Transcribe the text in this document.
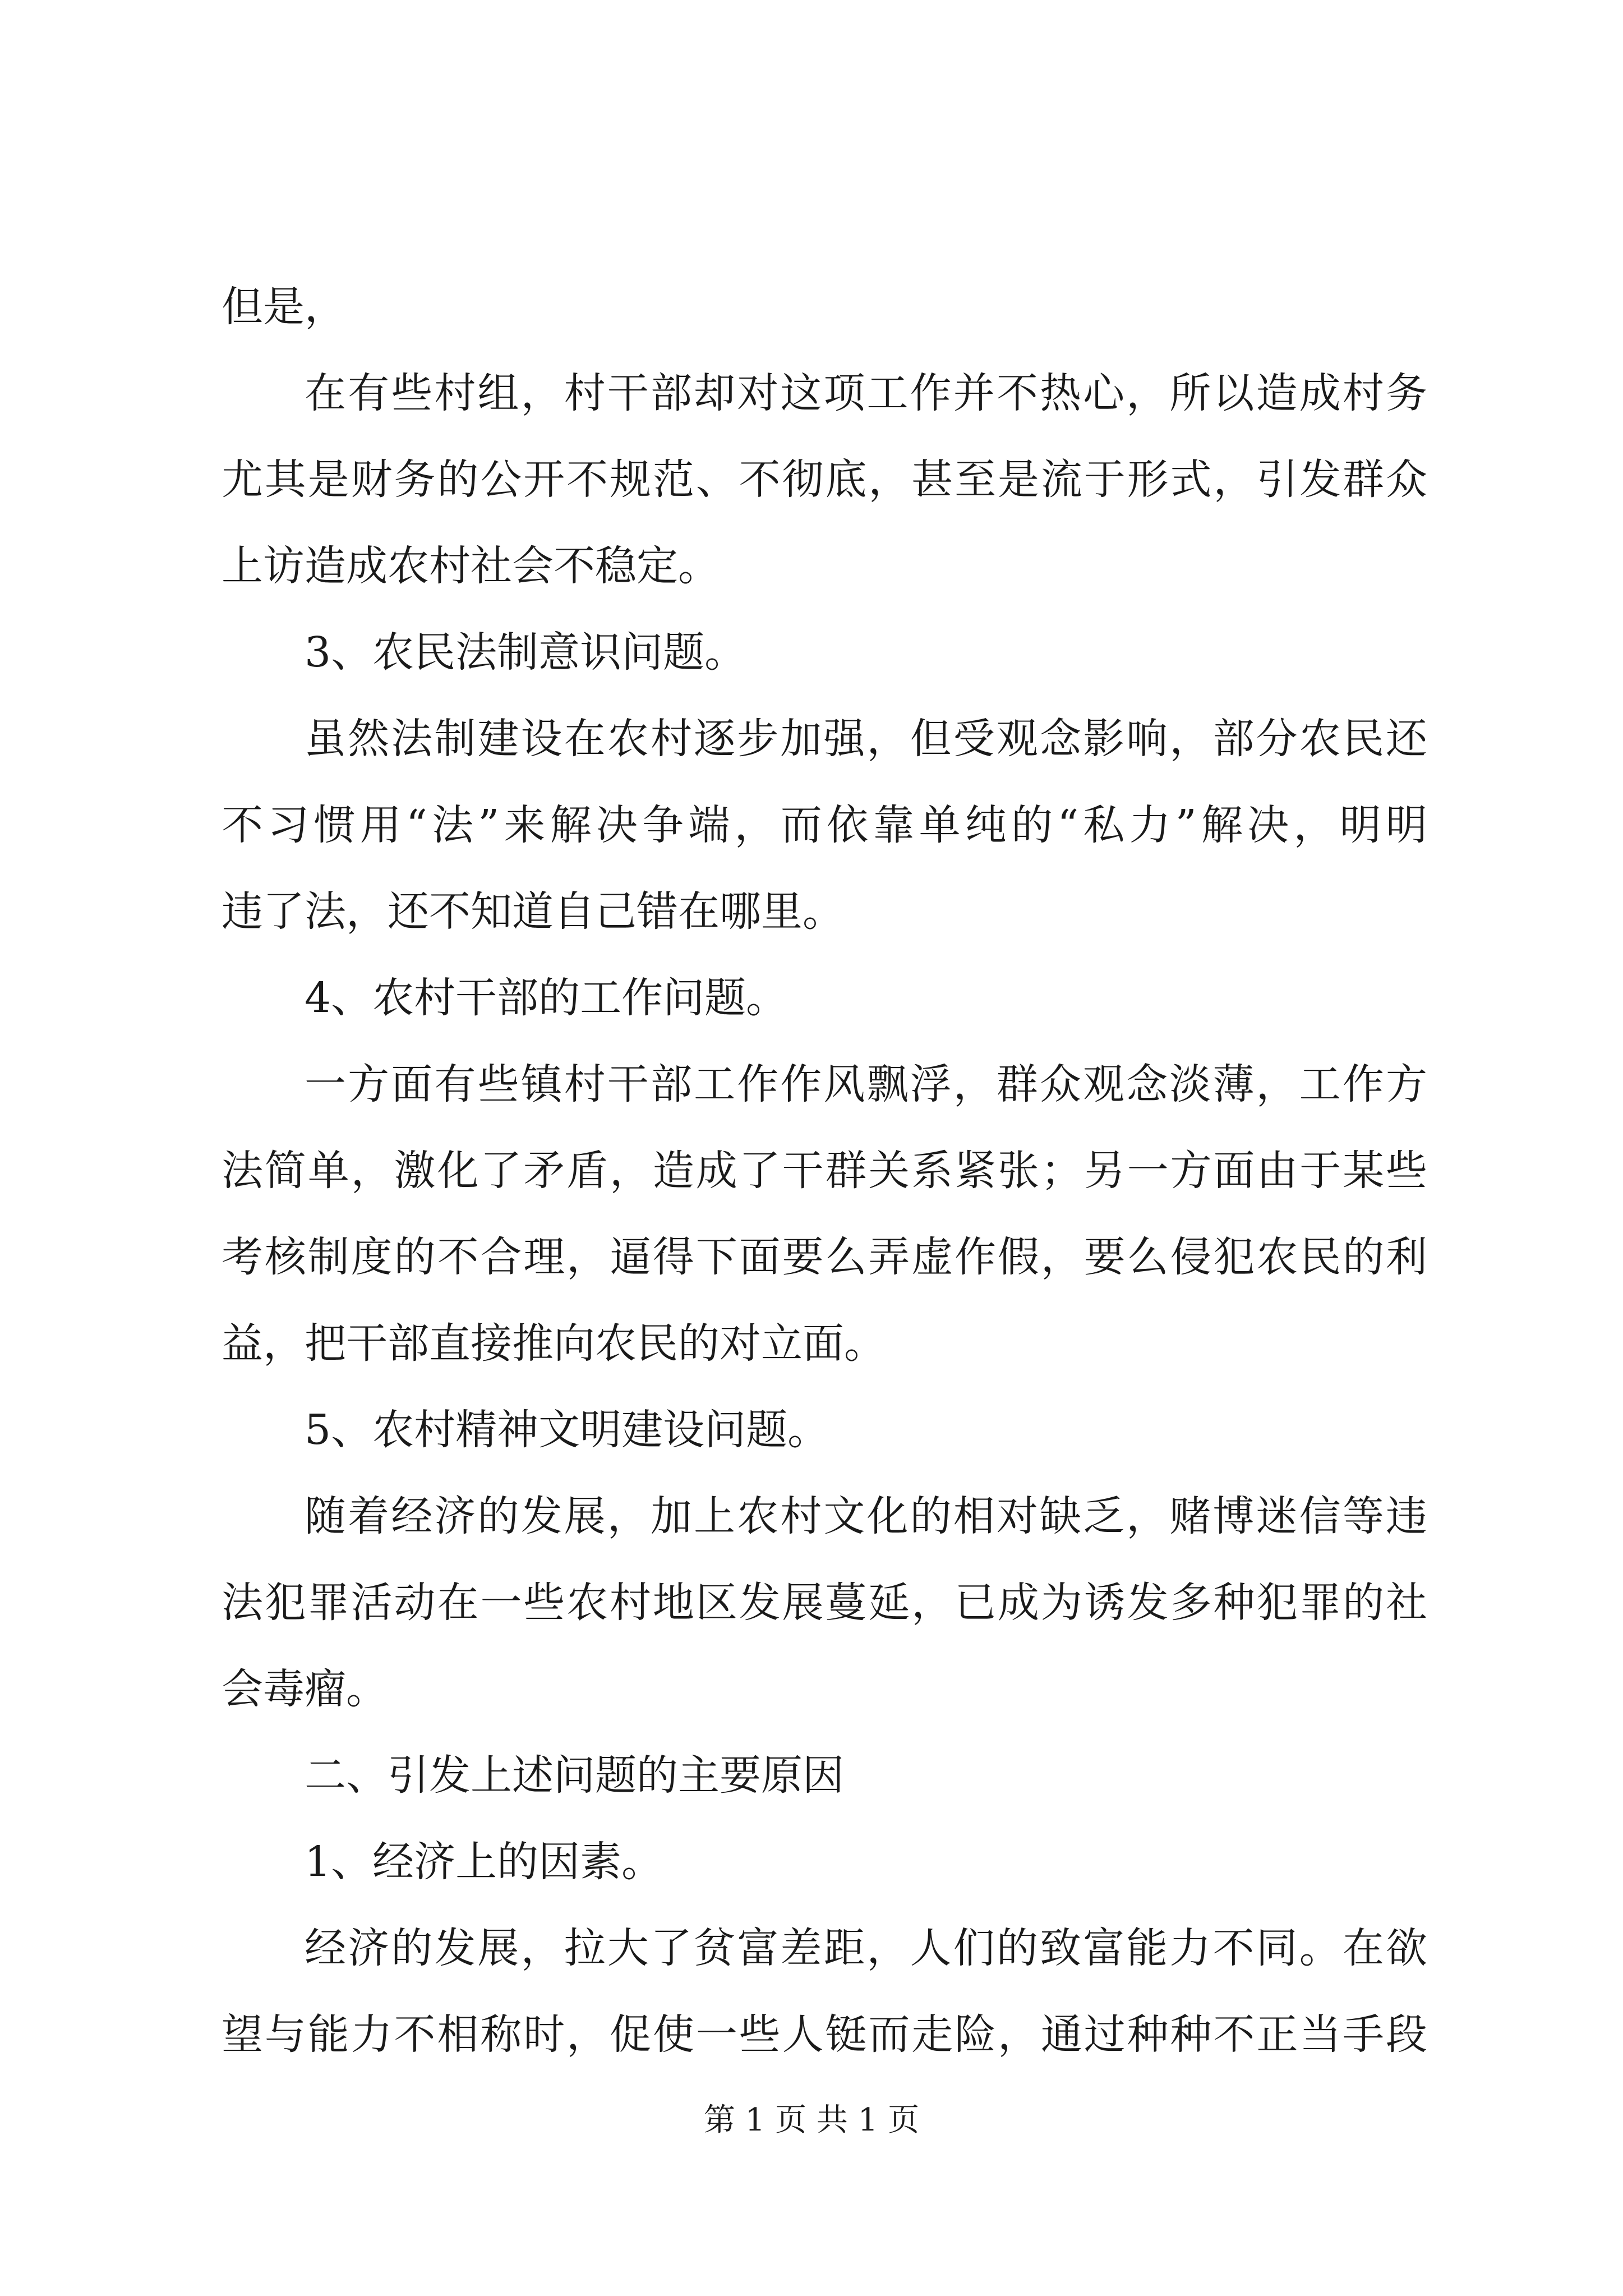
但是，
在有些村组，村干部却对这项工作并不热心，所以造成村务
尤其是财务的公开不规范、不彻底，甚至是流于形式，引发群众
上访造成农村社会不稳定。
3、农民法制意识问题。
虽然法制建设在农村逐步加强，但受观念影响，部分农民还
不习惯用“法”来解决争端，而依靠单纯的“私力”解决，明明
违了法，还不知道自己错在哪里。
4、农村干部的工作问题。
一方面有些镇村干部工作作风飘浮，群众观念淡薄，工作方
法简单，激化了矛盾，造成了干群关系紧张；另一方面由于某些
考核制度的不合理，逼得下面要么弄虚作假，要么侵犯农民的利
益，把干部直接推向农民的对立面。
5、农村精神文明建设问题。
随着经济的发展，加上农村文化的相对缺乏，赌博迷信等违
法犯罪活动在一些农村地区发展蔓延，已成为诱发多种犯罪的社
会毒瘤。
二、引发上述问题的主要原因
1、经济上的因素。
经济的发展，拉大了贫富差距，人们的致富能力不同。在欲
望与能力不相称时，促使一些人铤而走险，通过种种不正当手段
第 1 页 共 1 页
